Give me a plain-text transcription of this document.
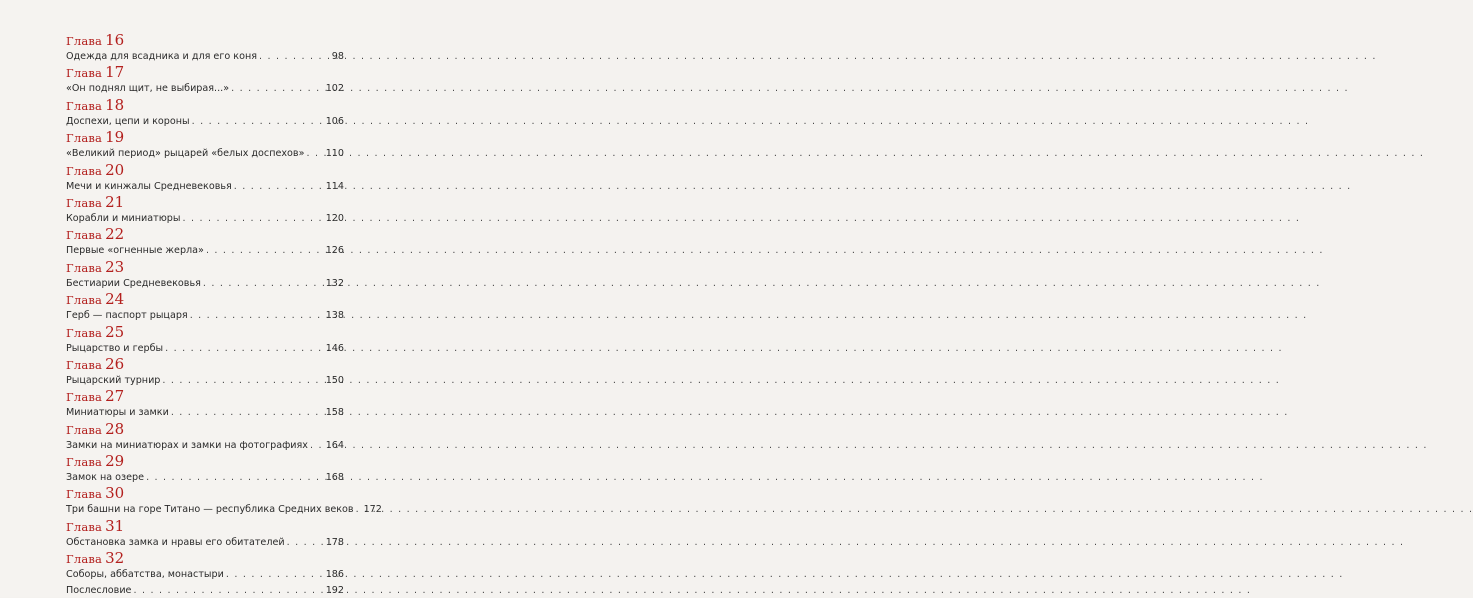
Глава 16
Одежда для всадника и для его коня . . .	98
Глава 17
«Он поднял щит, не выбирая...» . . .	102
Глава 18
Доспехи, цепи и короны . . .	106
Глава 19
«Великий период» рыцарей «белых доспехов» . . . 110
Глава 20
Мечи и кинжалы Средневековья . . .	114
Глава 21
Корабли и миниатюры . . .	120
Глава 22
Первые «огненные жерла» . . .	126
Глава 23
Бестиарии Средневековья . . .	132
Глава 24
Герб — паспорт рыцаря . . .	138
Глава 25
Рыцарство и гербы . . .	146
Глава 26
Рыцарский турнир . . .	150
Глава 27
Миниатюры и замки . . .	158
Глава 28
Замки на миниатюрах и замки на фотографиях . . . 164
Глава 29
Замок на озере . . .	168
Глава 30
Три башни на горе Титано — республика Средних веков . . . 172
Глава 31
Обстановка замка и нравы его обитателей . . .	178
Глава 32
Соборы, аббатства, монастыри . . .	186
Послесловие . . .	192
